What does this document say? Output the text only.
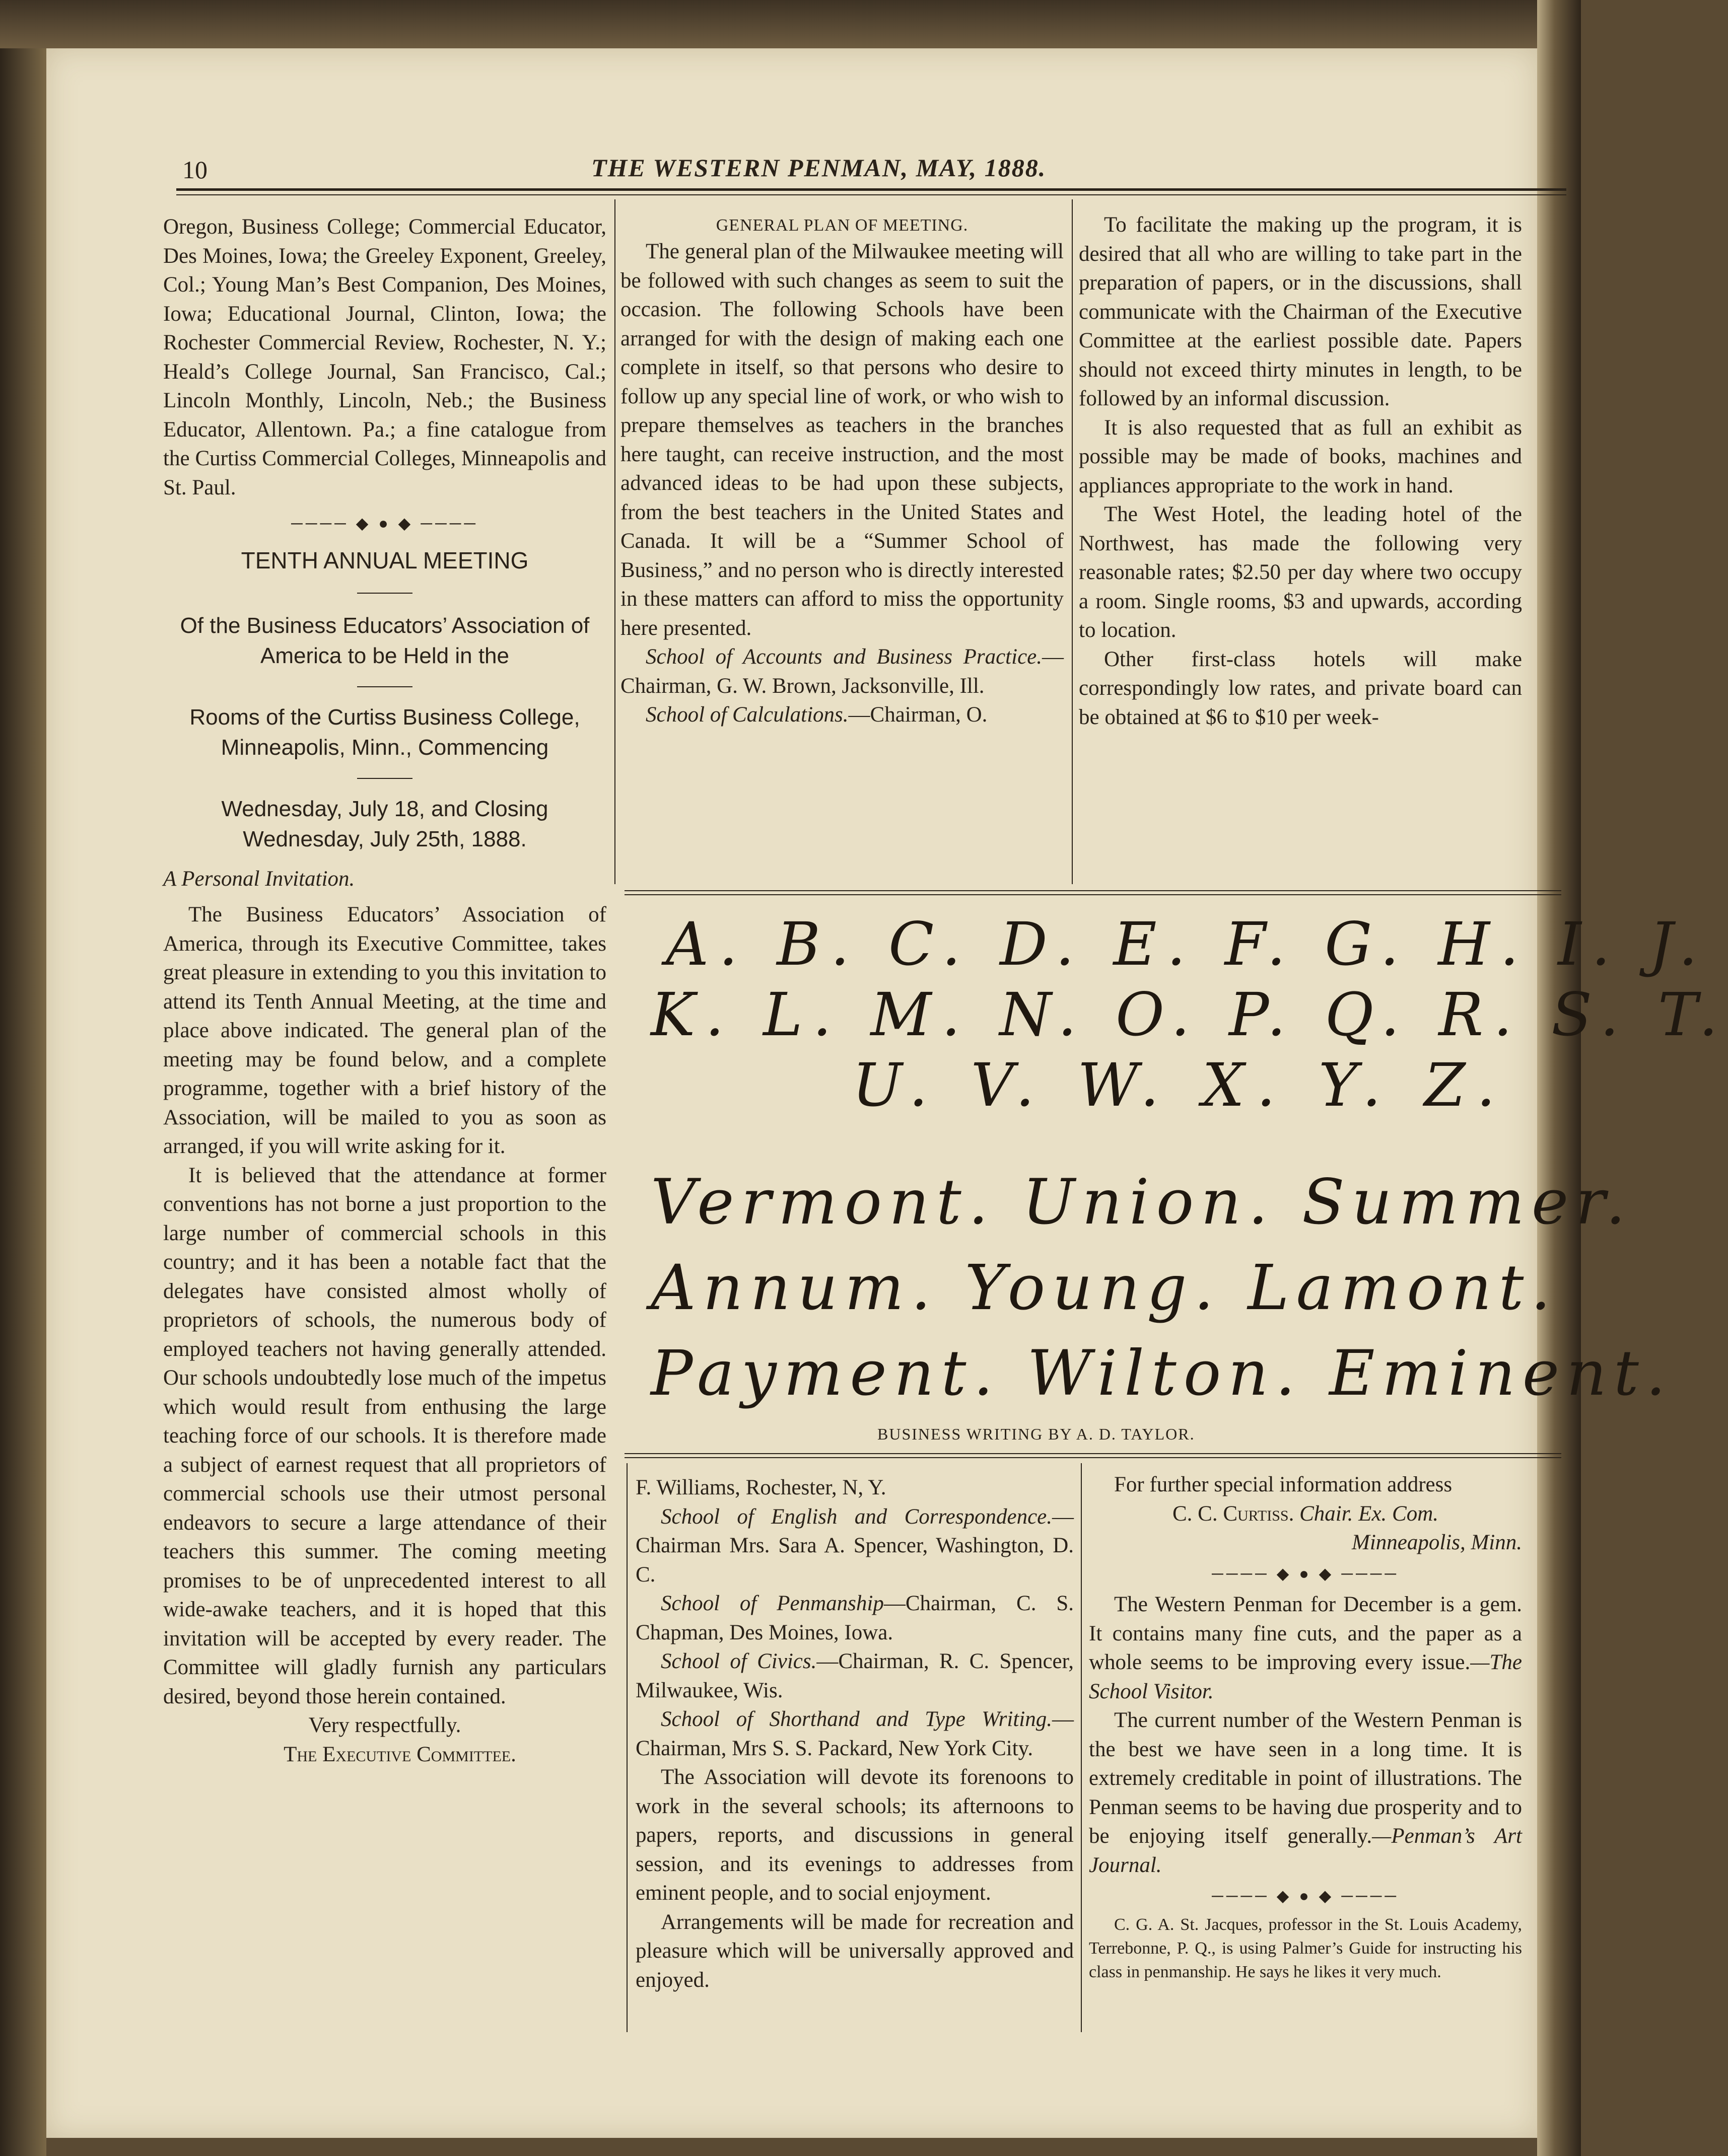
10	THE WESTERN PENMAN, MAY, 1888.

Oregon, Business College; Commercial Educator, Des Moines, Iowa; the Greeley Exponent, Greeley, Col.; Young Man’s Best Companion, Des Moines, Iowa; Educational Journal, Clinton, Iowa; the Rochester Commercial Review, Rochester, N. Y.; Heald’s College Journal, San Francisco, Cal.; Lincoln Monthly, Lincoln, Neb.; the Business Educator, Allentown. Pa.; a fine catalogue from the Curtiss Commercial Colleges, Minneapolis and St. Paul.

──── ◆ ● ◆ ────

TENTH ANNUAL MEETING

Of the Business Educators’ Association of America to be Held in the

Rooms of the Curtiss Business College, Minneapolis, Minn., Commencing

Wednesday, July 18, and Closing Wednesday, July 25th, 1888.

A Personal Invitation.

The Business Educators’ Association of America, through its Executive Committee, takes great pleasure in extending to you this invitation to attend its Tenth Annual Meeting, at the time and place above indicated. The general plan of the meeting may be found below, and a complete programme, together with a brief history of the Association, will be mailed to you as soon as arranged, if you will write asking for it.

It is believed that the attendance at former conventions has not borne a just proportion to the large number of commercial schools in this country; and it has been a notable fact that the delegates have consisted almost wholly of proprietors of schools, the numerous body of employed teachers not having generally attended. Our schools undoubtedly lose much of the impetus which would result from enthusing the large teaching force of our schools. It is therefore made a subject of earnest request that all proprietors of commercial schools use their utmost personal endeavors to secure a large attendance of their teachers this summer. The coming meeting promises to be of unprecedented interest to all wide-awake teachers, and it is hoped that this invitation will be accepted by every reader. The Committee will gladly furnish any particulars desired, beyond those herein contained.

Very respectfully.

The Executive Committee.

GENERAL PLAN OF MEETING.

The general plan of the Milwaukee meeting will be followed with such changes as seem to suit the occasion. The following Schools have been arranged for with the design of making each one complete in itself, so that persons who desire to follow up any special line of work, or who wish to prepare themselves as teachers in the branches here taught, can receive instruction, and the most advanced ideas to be had upon these subjects, from the best teachers in the United States and Canada. It will be a “Summer School of Business,” and no person who is directly interested in these matters can afford to miss the opportunity here presented.

School of Accounts and Business Practice.—Chairman, G. W. Brown, Jacksonville, Ill.

School of Calculations.—Chairman, O.

To facilitate the making up the program, it is desired that all who are willing to take part in the preparation of papers, or in the discussions, shall communicate with the Chairman of the Executive Committee at the earliest possible date. Papers should not exceed thirty minutes in length, to be followed by an informal discussion.

It is also requested that as full an exhibit as possible may be made of books, machines and appliances appropriate to the work in hand.

The West Hotel, the leading hotel of the Northwest, has made the following very reasonable rates; $2.50 per day where two occupy a room. Single rooms, $3 and upwards, according to location.

Other first-class hotels will make correspondingly low rates, and private board can be obtained at $6 to $10 per week-

A. B. C. D. E. F. G. H. I. J.
K. L. M. N. O. P. Q. R. S. T.
U. V. W. X. Y. Z.
Vermont. Union. Summer.
Annum. Young. Lamont.
Payment. Wilton. Eminent.
BUSINESS WRITING BY A. D. TAYLOR.

F. Williams, Rochester, N, Y.

School of English and Correspondence.—Chairman Mrs. Sara A. Spencer, Washington, D. C.

School of Penmanship—Chairman, C. S. Chapman, Des Moines, Iowa.

School of Civics.—Chairman, R. C. Spencer, Milwaukee, Wis.

School of Shorthand and Type Writing.—Chairman, Mrs S. S. Packard, New York City.

The Association will devote its forenoons to work in the several schools; its afternoons to papers, reports, and discussions in general session, and its evenings to addresses from eminent people, and to social enjoyment.

Arrangements will be made for recreation and pleasure which will be universally approved and enjoyed.

For further special information address

C. C. Curtiss. Chair. Ex. Com.

Minneapolis, Minn.

──── ◆ ● ◆ ────

The Western Penman for December is a gem. It contains many fine cuts, and the paper as a whole seems to be improving every issue.—The School Visitor.

The current number of the Western Penman is the best we have seen in a long time. It is extremely creditable in point of illustrations. The Penman seems to be having due prosperity and to be enjoying itself generally.—Penman’s Art Journal.

──── ◆ ● ◆ ────

C. G. A. St. Jacques, professor in the St. Louis Academy, Terrebonne, P. Q., is using Palmer’s Guide for instructing his class in penmanship. He says he likes it very much.
